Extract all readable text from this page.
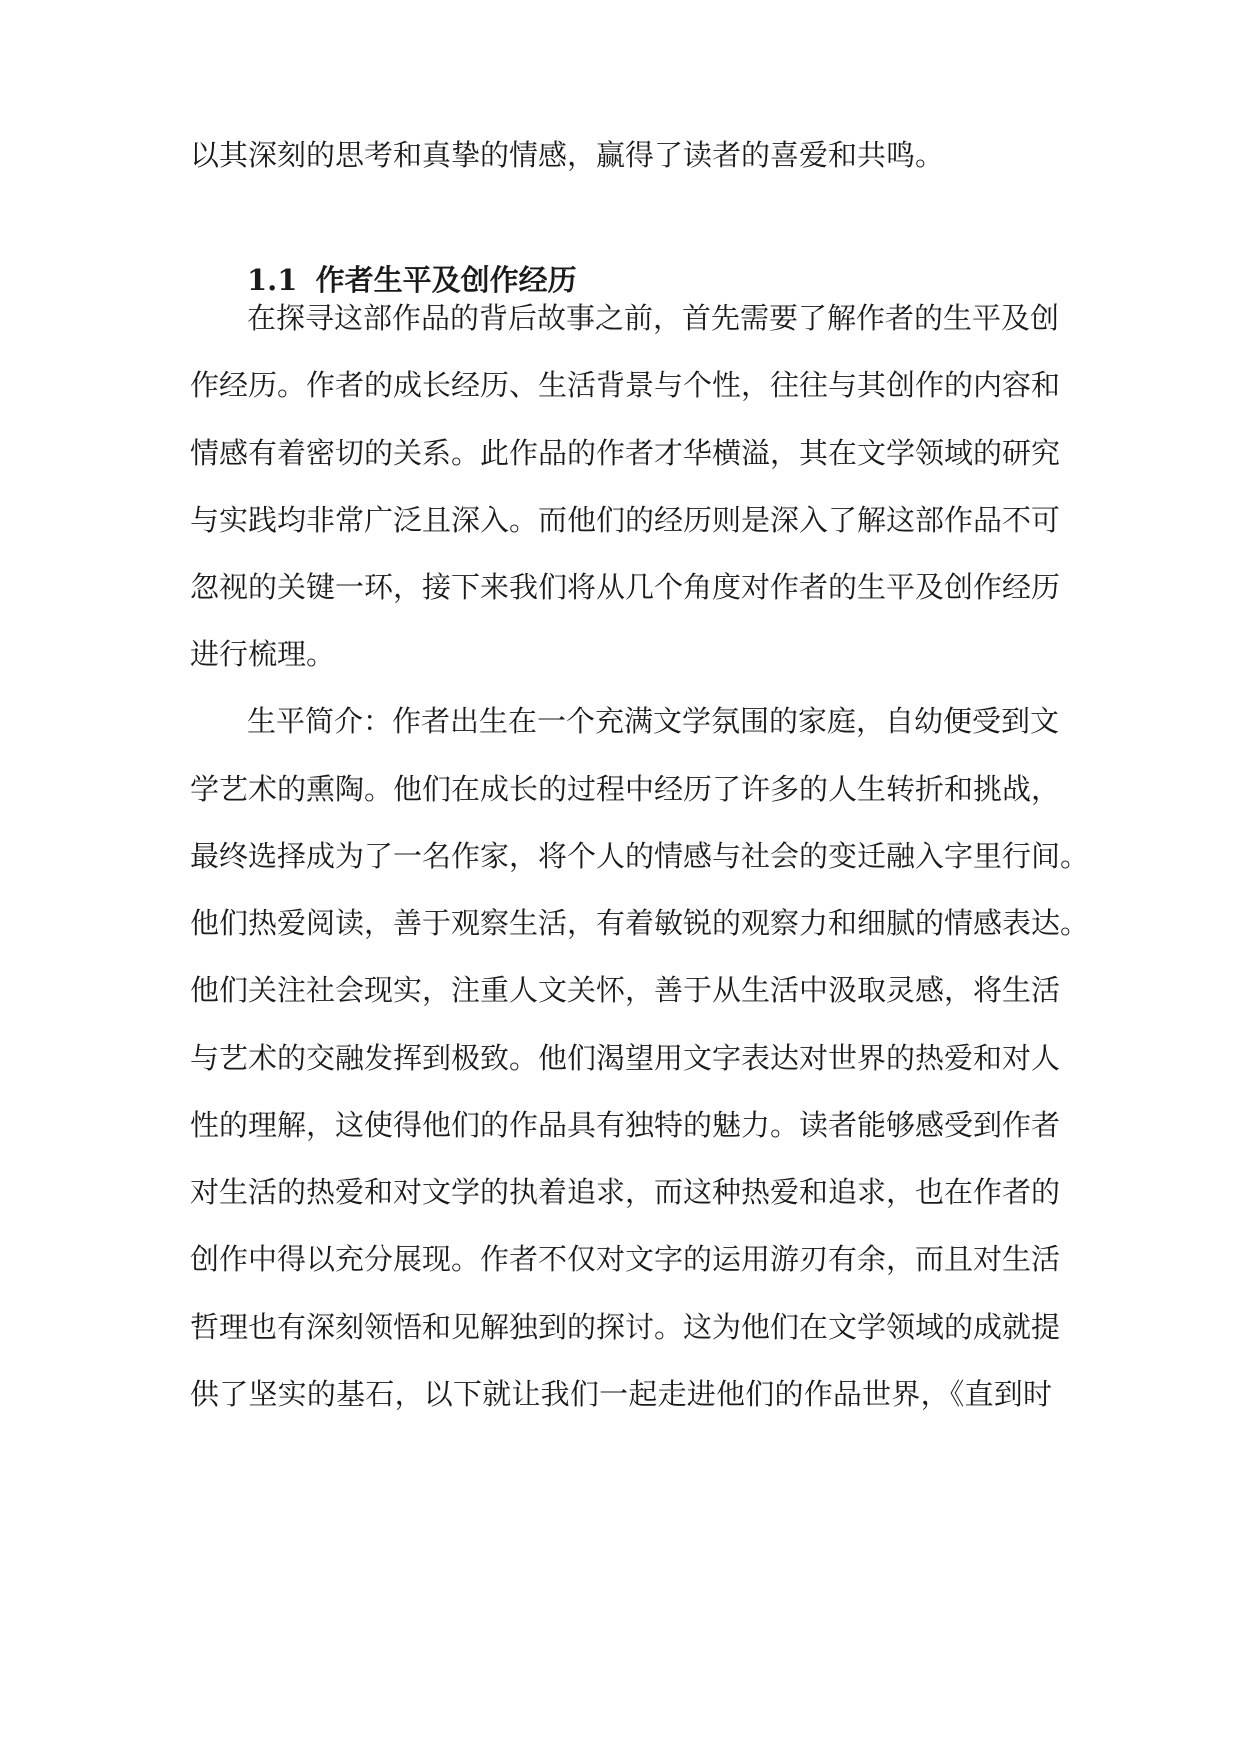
以其深刻的思考和真挚的情感，赢得了读者的喜爱和共鸣。
1.1 作者生平及创作经历
在探寻这部作品的背后故事之前，首先需要了解作者的生平及创
作经历。作者的成长经历、生活背景与个性，往往与其创作的内容和
情感有着密切的关系。此作品的作者才华横溢，其在文学领域的研究
与实践均非常广泛且深入。而他们的经历则是深入了解这部作品不可
忽视的关键一环，接下来我们将从几个角度对作者的生平及创作经历
进行梳理。
生平简介：作者出生在一个充满文学氛围的家庭，自幼便受到文
学艺术的熏陶。他们在成长的过程中经历了许多的人生转折和挑战，
最终选择成为了一名作家，将个人的情感与社会的变迁融入字里行间。
他们热爱阅读，善于观察生活，有着敏锐的观察力和细腻的情感表达。
他们关注社会现实，注重人文关怀，善于从生活中汲取灵感，将生活
与艺术的交融发挥到极致。他们渴望用文字表达对世界的热爱和对人
性的理解，这使得他们的作品具有独特的魅力。读者能够感受到作者
对生活的热爱和对文学的执着追求，而这种热爱和追求，也在作者的
创作中得以充分展现。作者不仅对文字的运用游刃有余，而且对生活
哲理也有深刻领悟和见解独到的探讨。这为他们在文学领域的成就提
供了坚实的基石，以下就让我们一起走进他们的作品世界，《直到时
